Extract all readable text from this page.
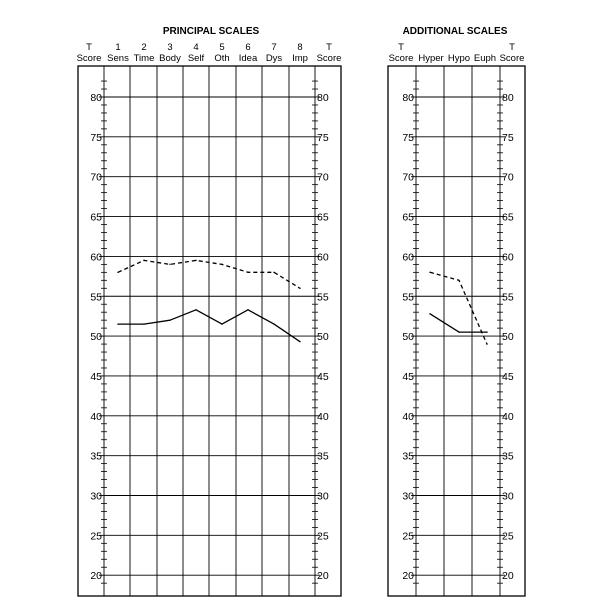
PRINCIPAL SCALES	ADDITIONAL SCALES
T
Score
T
Score
T
Score
T
Score
1 2 3 4 5 6 7 8
Sens Time Body Self Oth Idea Dys Imp	Hyper Hypo Euph
20	20
25	25
30	30
35	35
40	40
45	45
50	50
55	55
60	60
65	65
70	70
75	75
80	80
20	20
25	25
30	30
35	35
40	40
45	45
50	50
55	55
60	60
65	65
70	70
75	75
80	80
